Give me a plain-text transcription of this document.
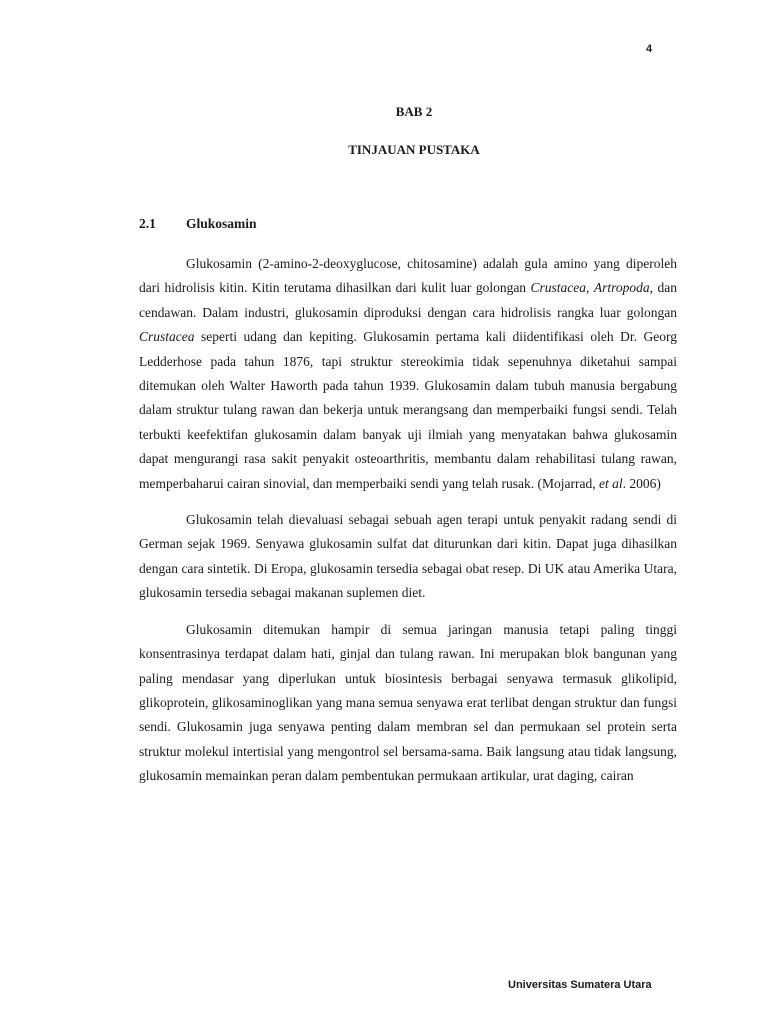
4
BAB 2
TINJAUAN PUSTAKA
2.1 Glukosamin

Glukosamin (2-amino-2-deoxyglucose, chitosamine) adalah gula amino yang diperoleh dari hidrolisis kitin. Kitin terutama dihasilkan dari kulit luar golongan Crustacea, Artropoda, dan cendawan. Dalam industri, glukosamin diproduksi dengan cara hidrolisis rangka luar golongan Crustacea seperti udang dan kepiting. Glukosamin pertama kali diidentifikasi oleh Dr. Georg Ledderhose pada tahun 1876, tapi struktur stereokimia tidak sepenuhnya diketahui sampai ditemukan oleh Walter Haworth pada tahun 1939. Glukosamin dalam tubuh manusia bergabung dalam struktur tulang rawan dan bekerja untuk merangsang dan memperbaiki fungsi sendi. Telah terbukti keefektifan glukosamin dalam banyak uji ilmiah yang menyatakan bahwa glukosamin dapat mengurangi rasa sakit penyakit osteoarthritis, membantu dalam rehabilitasi tulang rawan, memperbaharui cairan sinovial, dan memperbaiki sendi yang telah rusak. (Mojarrad, et al. 2006)

Glukosamin telah dievaluasi sebagai sebuah agen terapi untuk penyakit radang sendi di German sejak 1969. Senyawa glukosamin sulfat dat diturunkan dari kitin. Dapat juga dihasilkan dengan cara sintetik. Di Eropa, glukosamin tersedia sebagai obat resep. Di UK atau Amerika Utara, glukosamin tersedia sebagai makanan suplemen diet.

Glukosamin ditemukan hampir di semua jaringan manusia tetapi paling tinggi konsentrasinya terdapat dalam hati, ginjal dan tulang rawan. Ini merupakan blok bangunan yang paling mendasar yang diperlukan untuk biosintesis berbagai senyawa termasuk glikolipid, glikoprotein, glikosaminoglikan yang mana semua senyawa erat terlibat dengan struktur dan fungsi sendi. Glukosamin juga senyawa penting dalam membran sel dan permukaan sel protein serta struktur molekul intertisial yang mengontrol sel bersama-sama. Baik langsung atau tidak langsung, glukosamin memainkan peran dalam pembentukan permukaan artikular, urat daging, cairan

Universitas Sumatera Utara
